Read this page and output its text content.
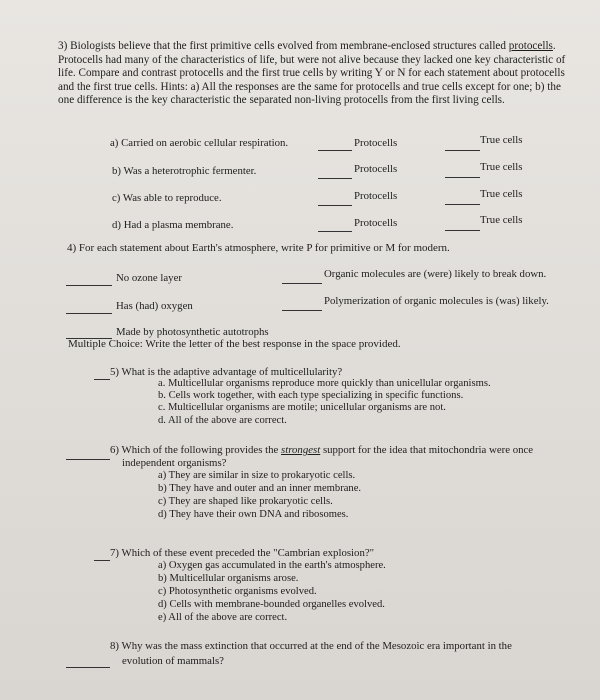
3) Biologists believe that the first primitive cells evolved from membrane-enclosed structures called protocells. Protocells had many of the characteristics of life, but were not alive because they lacked one key characteristic of life. Compare and contrast protocells and the first true cells by writing Y or N for each statement about protocells and the first true cells. Hints: a) All the responses are the same for protocells and true cells except for one; b) the one difference is the key characteristic the separated non-living protocells from the first living cells.
a) Carried on aerobic cellular respiration.	Protocells	True cells
b) Was a heterotrophic fermenter.	Protocells	True cells
c) Was able to reproduce.	Protocells	True cells
d) Had a plasma membrane.	Protocells	True cells
4) For each statement about Earth's atmosphere, write P for primitive or M for modern.
No ozone layer	Organic molecules are (were) likely to break down.
Has (had) oxygen	Polymerization of organic molecules is (was) likely.
Made by photosynthetic autotrophs
Multiple Choice: Write the letter of the best response in the space provided.
5) What is the adaptive advantage of multicellularity?
a. Multicellular organisms reproduce more quickly than unicellular organisms.
b. Cells work together, with each type specializing in specific functions.
c. Multicellular organisms are motile; unicellular organisms are not.
d. All of the above are correct.
6) Which of the following provides the strongest support for the idea that mitochondria were once
independent organisms?
a) They are similar in size to prokaryotic cells.
b) They have and outer and an inner membrane.
c) They are shaped like prokaryotic cells.
d) They have their own DNA and ribosomes.
7) Which of these event preceded the "Cambrian explosion?"
a) Oxygen gas accumulated in the earth's atmosphere.
b) Multicellular organisms arose.
c) Photosynthetic organisms evolved.
d) Cells with membrane-bounded organelles evolved.
e) All of the above are correct.
8) Why was the mass extinction that occurred at the end of the Mesozoic era important in the
evolution of mammals?
